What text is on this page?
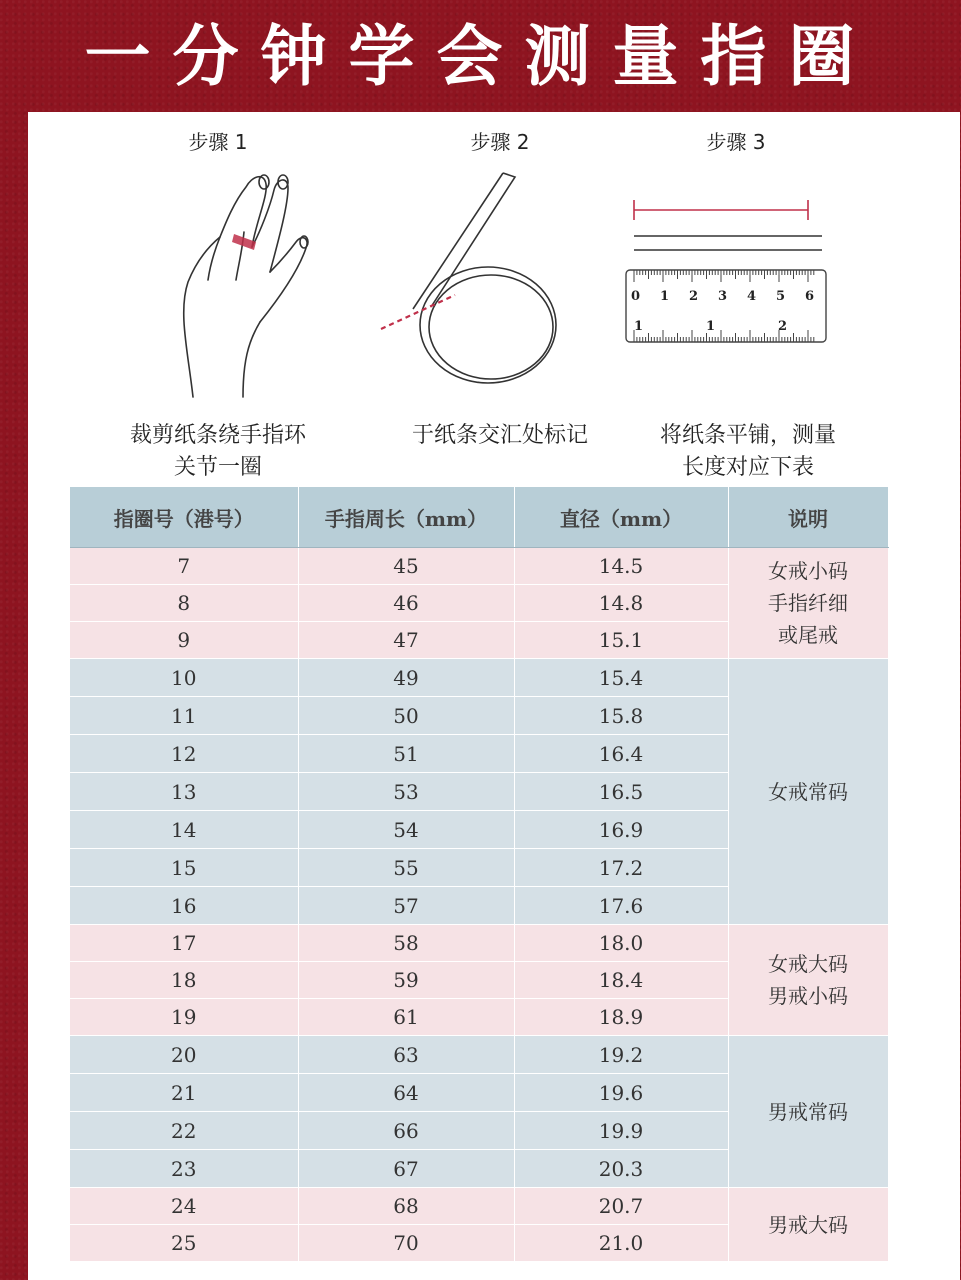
一分钟学会测量指圈
步骤 1
裁剪纸条绕手指环
关节一圈
步骤 2
于纸条交汇处标记
步骤 3
0 1 2 3 4 5 6
1	1	2
将纸条平铺，测量
长度对应下表
指圈号（港号）	手指周长（mm）	直径（mm）	说明
7	45	14.5	女戒小码
手指纤细
或尾戒

8	46	14.8	
9	47	15.1	
10	49	15.4	女戒常码

11	50	15.8	
12	51	16.4	
13	53	16.5	
14	54	16.9	
15	55	17.2	
16	57	17.6	
17	58	18.0	女戒大码
男戒小码

18	59	18.4	
19	61	18.9	
20	63	19.2	男戒常码

21	64	19.6	
22	66	19.9	
23	67	20.3	
24	68	20.7	男戒大码

25	70	21.0	
